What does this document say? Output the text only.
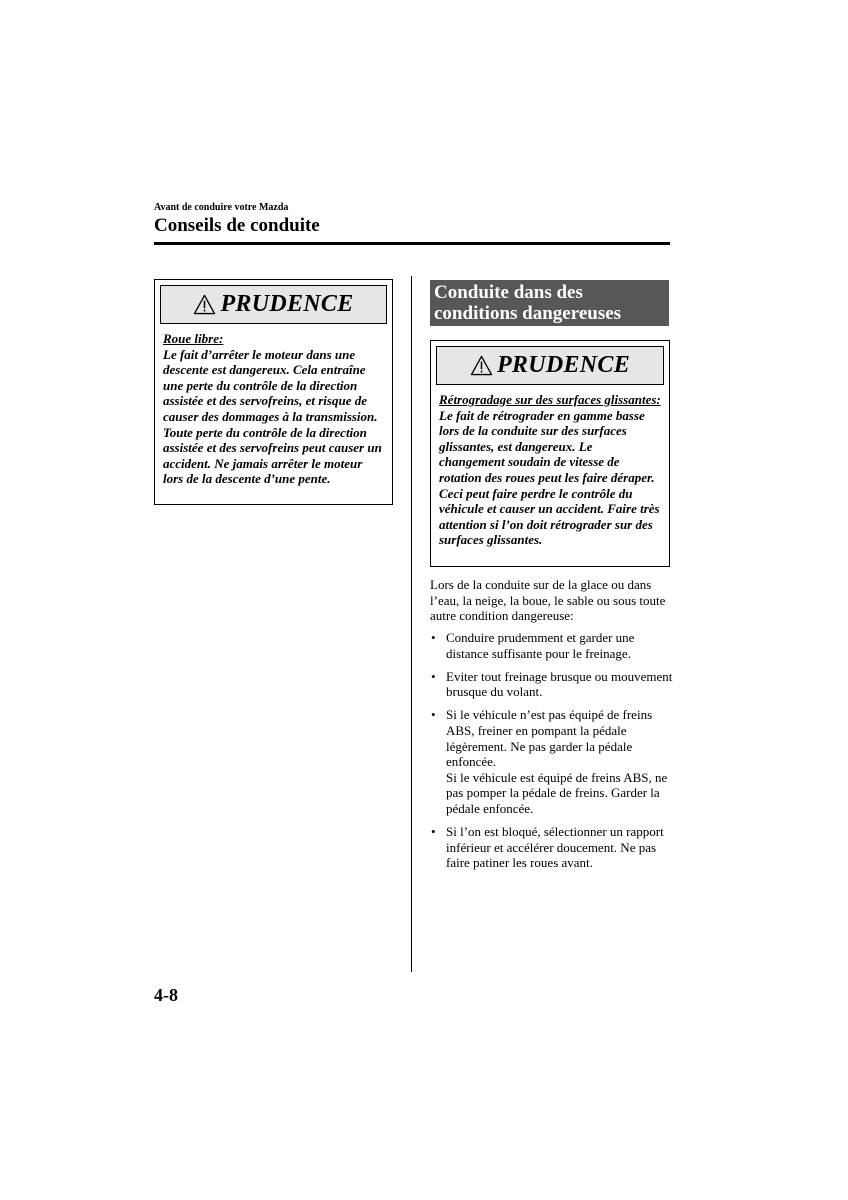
Avant de conduire votre Mazda
Conseils de conduite
PRUDENCE
Roue libre:
Le fait d’arrêter le moteur dans une descente est dangereux. Cela entraîne une perte du contrôle de la direction assistée et des servofreins, et risque de causer des dommages à la transmission. Toute perte du contrôle de la direction assistée et des servofreins peut causer un accident. Ne jamais arrêter le moteur lors de la descente d’une pente.
Conduite dans des conditions dangereuses
PRUDENCE
Rétrogradage sur des surfaces glissantes:
Le fait de rétrograder en gamme basse lors de la conduite sur des surfaces glissantes, est dangereux. Le changement soudain de vitesse de rotation des roues peut les faire déraper. Ceci peut faire perdre le contrôle du véhicule et causer un accident. Faire très attention si l’on doit rétrograder sur des surfaces glissantes.
Lors de la conduite sur de la glace ou dans l’eau, la neige, la boue, le sable ou sous toute autre condition dangereuse:
• Conduire prudemment et garder une distance suffisante pour le freinage.
• Eviter tout freinage brusque ou mouvement brusque du volant.
• Si le véhicule n’est pas équipé de freins ABS, freiner en pompant la pédale légèrement. Ne pas garder la pédale enfoncée.
Si le véhicule est équipé de freins ABS, ne pas pomper la pédale de freins. Garder la pédale enfoncée.
• Si l’on est bloqué, sélectionner un rapport inférieur et accélérer doucement. Ne pas faire patiner les roues avant.
4-8
